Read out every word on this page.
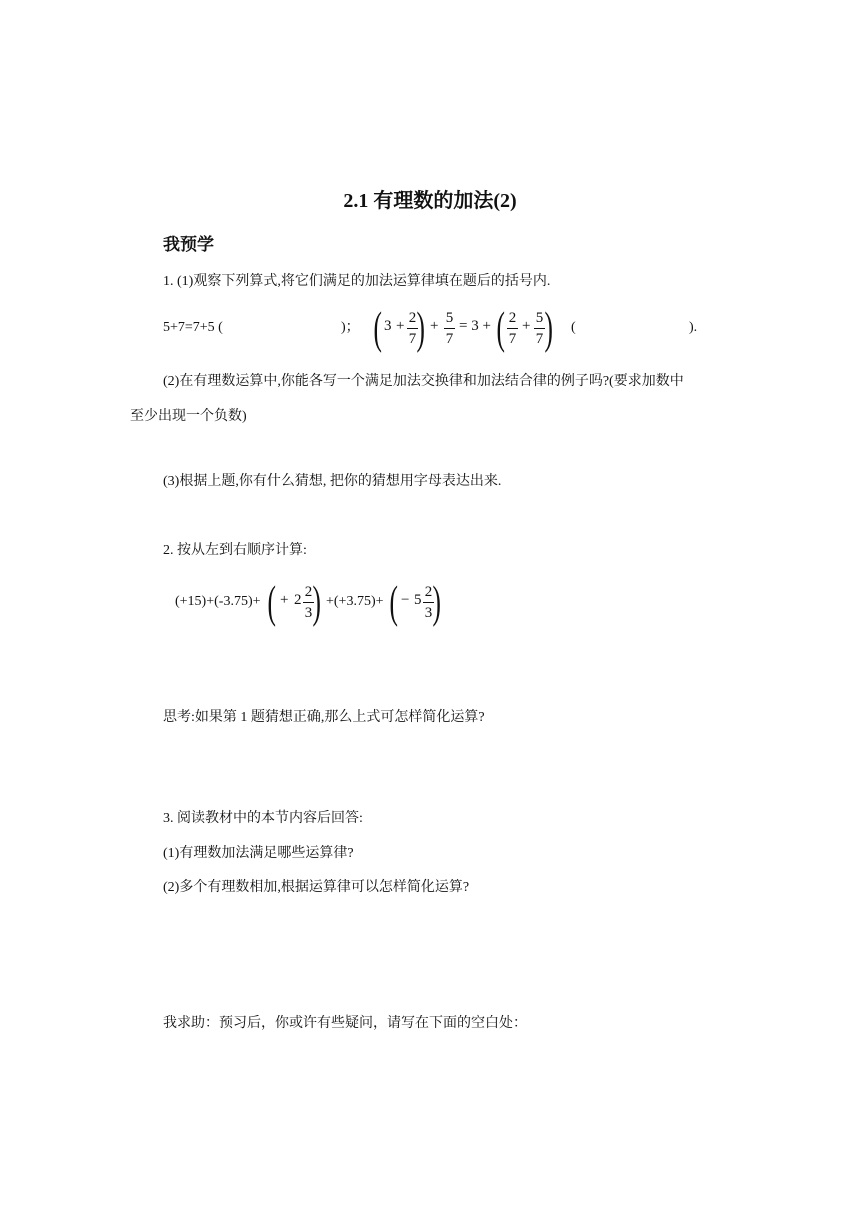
2.1 有理数的加法(2)
我预学
1. (1)观察下列算式,将它们满足的加法运算律填在题后的括号内.
5+7=7+5 (	)； ( 3 + 2
7 ) + 5
7
= 3 + ( 2
7
+ 5
7 ) (	).
(2)在有理数运算中,你能各写一个满足加法交换律和加法结合律的例子吗?(要求加数中
至少出现一个负数)
(3)根据上题,你有什么猜想, 把你的猜想用字母表达出来.
2. 按从左到右顺序计算:
(+15)+(-3.75)+ ( + 2 2
3 ) +(+3.75)+ ( − 5 2
3 )
思考:如果第 1 题猜想正确,那么上式可怎样简化运算?
3. 阅读教材中的本节内容后回答:
(1)有理数加法满足哪些运算律?
(2)多个有理数相加,根据运算律可以怎样简化运算?
我求助：预习后，你或许有些疑问，请写在下面的空白处：
